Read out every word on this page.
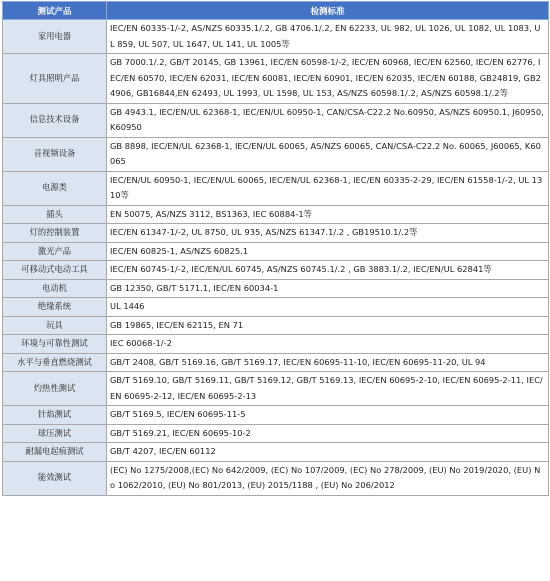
测试产品	检测标准
家用电器	IEC/EN 60335-1/-2, AS/NZS 60335.1/.2, GB 4706.1/.2, EN 62233, UL 982, UL 1026, UL 1082, UL 1083, UL 859, UL 507, UL 1647, UL 141, UL 1005等
灯具照明产品	GB 7000.1/.2, GB/T 20145, GB 13961, IEC/EN 60598-1/-2, IEC/EN 60968, IEC/EN 62560, IEC/EN 62776, IEC/EN 60570, IEC/EN 62031, IEC/EN 60081, IEC/EN 60901, IEC/EN 62035, IEC/EN 60188, GB24819, GB24906, GB16844,EN 62493, UL 1993, UL 1598, UL 153, AS/NZS 60598.1/.2, AS/NZS 60598.1/.2等
信息技术设备	GB 4943.1, IEC/EN/UL 62368-1, IEC/EN/UL 60950-1, CAN/CSA-C22.2 No.60950, AS/NZS 60950.1, J60950, K60950
音视频设备	GB 8898, IEC/EN/UL 62368-1, IEC/EN/UL 60065, AS/NZS 60065, CAN/CSA-C22.2 No. 60065, J60065, K60065
电源类	IEC/EN/UL 60950-1, IEC/EN/UL 60065, IEC/EN/UL 62368-1, IEC/EN 60335-2-29, IEC/EN 61558-1/-2, UL 1310等
插头	EN 50075, AS/NZS 3112, BS1363, IEC 60884-1等
灯的控制装置	IEC/EN 61347-1/-2, UL 8750, UL 935, AS/NZS 61347.1/.2 , GB19510.1/.2等
激光产品	IEC/EN 60825-1, AS/NZS 60825.1
可移动式电动工具	IEC/EN 60745-1/-2, IEC/EN/UL 60745, AS/NZS 60745.1/.2 , GB 3883.1/.2, IEC/EN/UL 62841等
电动机	GB 12350, GB/T 5171.1, IEC/EN 60034-1
绝缘系统	UL 1446
玩具	GB 19865, IEC/EN 62115, EN 71
环境与可靠性测试	IEC 60068-1/-2
水平与垂直燃烧测试	GB/T 2408, GB/T 5169.16, GB/T 5169.17, IEC/EN 60695-11-10, IEC/EN 60695-11-20, UL 94
灼热性测试	GB/T 5169.10, GB/T 5169.11, GB/T 5169.12, GB/T 5169.13, IEC/EN 60695-2-10, IEC/EN 60695-2-11, IEC/EN 60695-2-12, IEC/EN 60695-2-13
针焰测试	GB/T 5169.5, IEC/EN 60695-11-5
球压测试	GB/T 5169.21, IEC/EN 60695-10-2
耐漏电起痕测试	GB/T 4207, IEC/EN 60112
能效测试	(EC) No 1275/2008,(EC) No 642/2009, (EC) No 107/2009, (EC) No 278/2009, (EU) No 2019/2020, (EU) No 1062/2010, (EU) No 801/2013, (EU) 2015/1188 , (EU) No 206/2012
